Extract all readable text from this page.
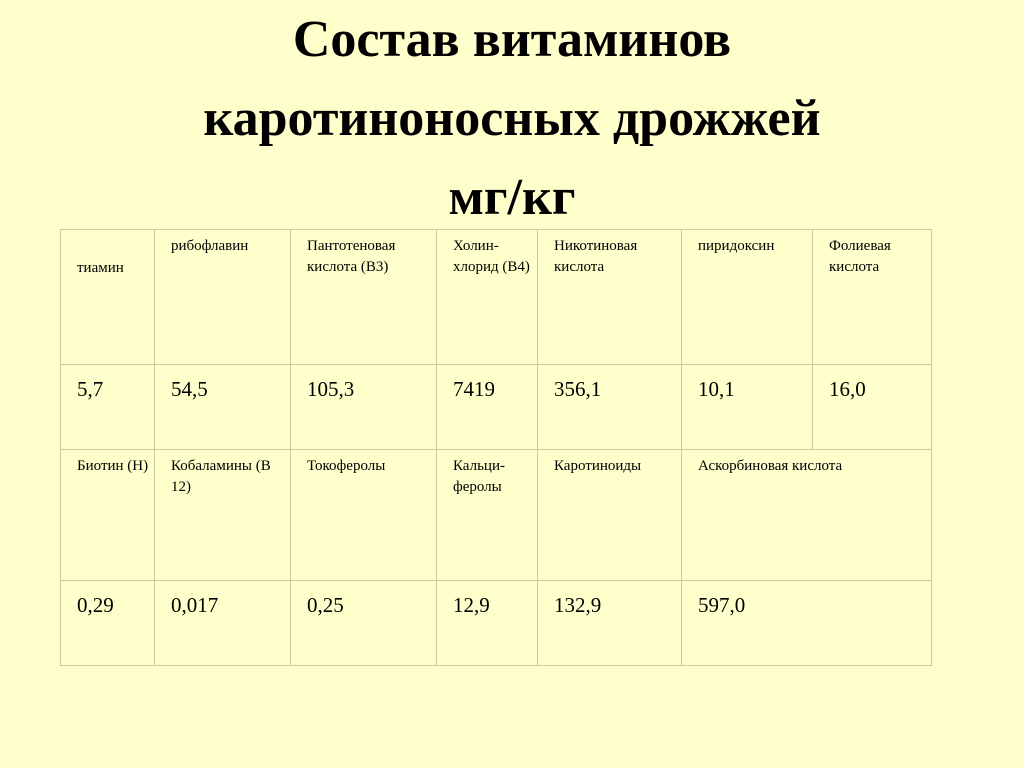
Состав витаминов
каротиноносных дрожжей
мг/кг
тиамин	рибофлавин	Пантотеновая кислота (В3)	Холин-хлорид (В4)	Никотиновая кислота	пиридоксин	Фолиевая кислота
5,7	54,5	105,3	7419	356,1	10,1	16,0
Биотин (Н)	Кобаламины (В 12)	Токоферолы	Кальци-феролы	Каротиноиды	Аскорбиновая кислота	
0,29	0,017	0,25	12,9	132,9	597,0	
